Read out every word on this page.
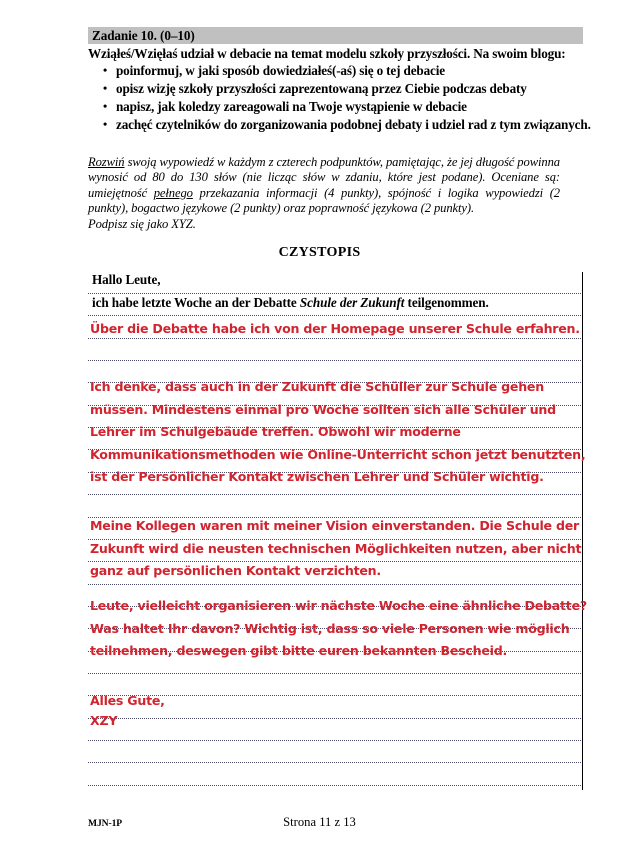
Zadanie 10. (0–10)
Wziąłeś/Wzięłaś udział w debacie na temat modelu szkoły przyszłości. Na swoim blogu:
• poinformuj, w jaki sposób dowiedziałeś(-aś) się o tej debacie
• opisz wizję szkoły przyszłości zaprezentowaną przez Ciebie podczas debaty
• napisz, jak koledzy zareagowali na Twoje wystąpienie w debacie
• zachęć czytelników do zorganizowania podobnej debaty i udziel rad z tym związanych.
Rozwiń swoją wypowiedź w każdym z czterech podpunktów, pamiętając, że jej długość powinna wynosić od 80 do 130 słów (nie licząc słów w zdaniu, które jest podane). Oceniane są: umiejętność pełnego przekazania informacji (4 punkty), spójność i logika wypowiedzi (2 punkty), bogactwo językowe (2 punkty) oraz poprawność językowa (2 punkty).
Podpisz się jako XYZ.
CZYSTOPIS
Hallo Leute,
ich habe letzte Woche an der Debatte Schule der Zukunft teilgenommen.
Über die Debatte habe ich von der Homepage unserer Schule erfahren.
Ich denke, dass auch in der Zukunft die Schüller zur Schule gehen müssen. Mindestens einmal pro Woche sollten sich alle Schüler und Lehrer im Schulgebäude treffen. Obwohl wir moderne Kommunikationsmethoden wie Online-Unterricht schon jetzt benutzten, ist der Persönlicher Kontakt zwischen Lehrer und Schüler wichtig.
Meine Kollegen waren mit meiner Vision einverstanden. Die Schule der Zukunft wird die neusten technischen Möglichkeiten nutzen, aber nicht ganz auf persönlichen Kontakt verzichten.
Leute, vielleicht organisieren wir nächste Woche eine ähnliche Debatte? Was haltet Ihr davon? Wichtig ist, dass so viele Personen wie möglich teilnehmen, deswegen gibt bitte euren bekannten Bescheid.
Alles Gute,
XZY
MJN-1P	Strona 11 z 13
